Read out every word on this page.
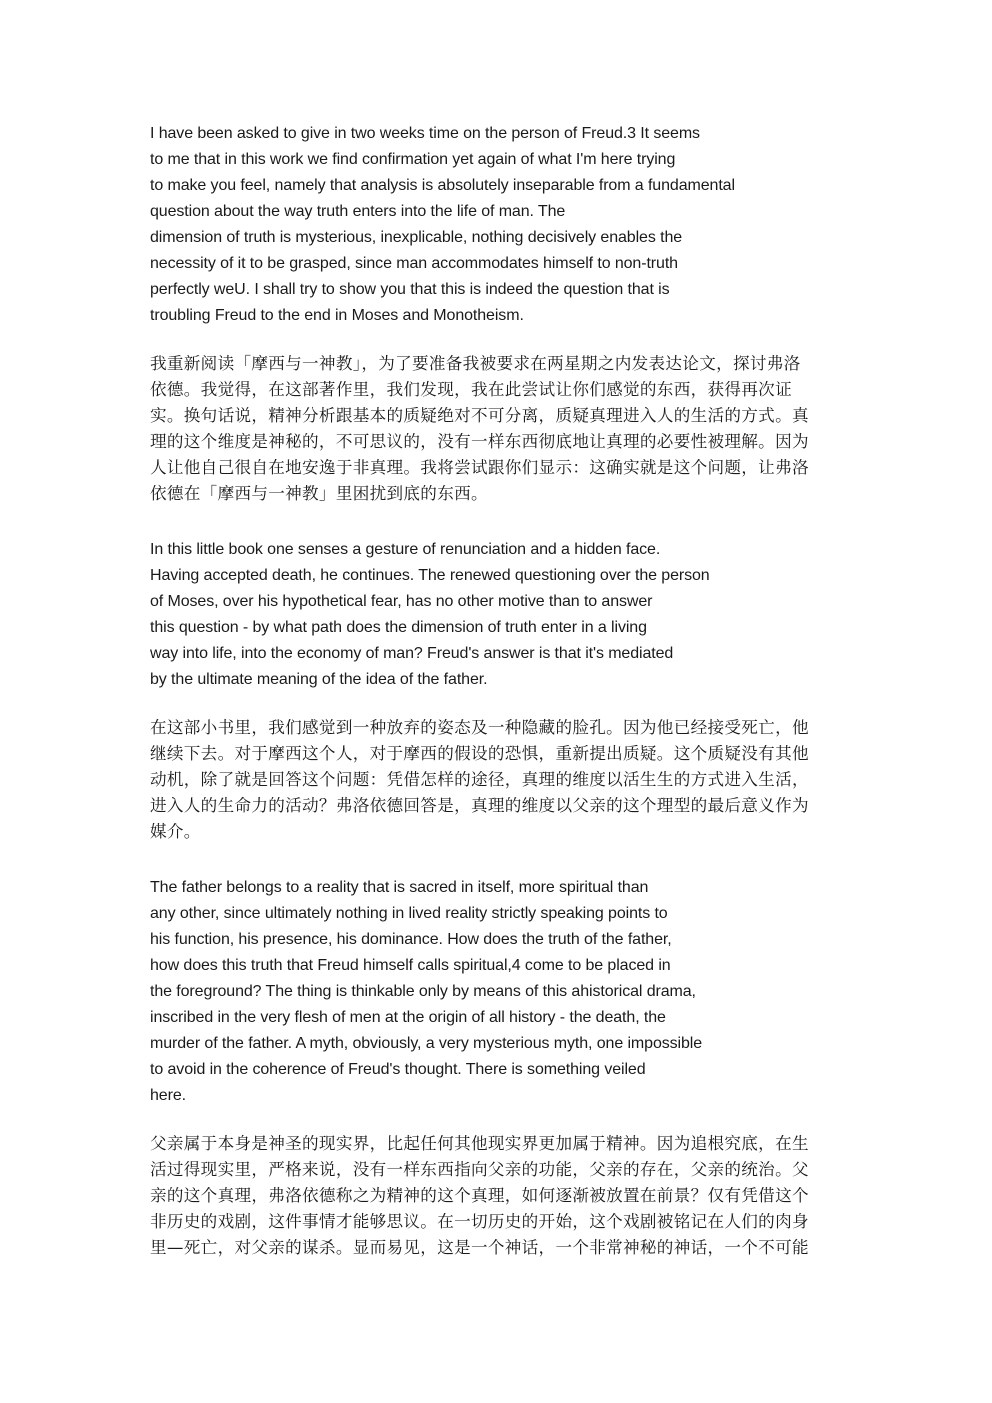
I have been asked to give in two weeks time on the person of Freud.3 It seems

to me that in this work we find confirmation yet again of what I'm here trying

to make you feel, namely that analysis is absolutely inseparable from a fundamental

question about the way truth enters into the life of man. The

dimension of truth is mysterious, inexplicable, nothing decisively enables the

necessity of it to be grasped, since man accommodates himself to non-truth

perfectly weU. I shall try to show you that this is indeed the question that is

troubling Freud to the end in Moses and Monotheism.

我重新阅读「摩西与一神教」，为了要准备我被要求在两星期之内发表达论文，探讨弗洛

依德。我觉得，在这部著作里，我们发现，我在此尝试让你们感觉的东西，获得再次证

实。换句话说，精神分析跟基本的质疑绝对不可分离，质疑真理进入人的生活的方式。真

理的这个维度是神秘的，不可思议的，没有一样东西彻底地让真理的必要性被理解。因为

人让他自己很自在地安逸于非真理。我将尝试跟你们显示：这确实就是这个问题，让弗洛

依德在「摩西与一神教」里困扰到底的东西。

In this little book one senses a gesture of renunciation and a hidden face.

Having accepted death, he continues. The renewed questioning over the person

of Moses, over his hypothetical fear, has no other motive than to answer

this question - by what path does the dimension of truth enter in a living

way into life, into the economy of man? Freud's answer is that it's mediated

by the ultimate meaning of the idea of the father.

在这部小书里，我们感觉到一种放弃的姿态及一种隐藏的脸孔。因为他已经接受死亡，他

继续下去。对于摩西这个人，对于摩西的假设的恐惧，重新提出质疑。这个质疑没有其他

动机，除了就是回答这个问题：凭借怎样的途径，真理的维度以活生生的方式进入生活，

进入人的生命力的活动？弗洛依德回答是，真理的维度以父亲的这个理型的最后意义作为

媒介。

The father belongs to a reality that is sacred in itself, more spiritual than

any other, since ultimately nothing in lived reality strictly speaking points to

his function, his presence, his dominance. How does the truth of the father,

how does this truth that Freud himself calls spiritual,4 come to be placed in

the foreground? The thing is thinkable only by means of this ahistorical drama,

inscribed in the very flesh of men at the origin of all history - the death, the

murder of the father. A myth, obviously, a very mysterious myth, one impossible

to avoid in the coherence of Freud's thought. There is something veiled

here.

父亲属于本身是神圣的现实界，比起任何其他现实界更加属于精神。因为追根究底，在生

活过得现实里，严格来说，没有一样东西指向父亲的功能，父亲的存在，父亲的统治。父

亲的这个真理，弗洛依德称之为精神的这个真理，如何逐渐被放置在前景？仅有凭借这个

非历史的戏剧，这件事情才能够思议。在一切历史的开始，这个戏剧被铭记在人们的肉身

里—死亡，对父亲的谋杀。显而易见，这是一个神话，一个非常神秘的神话，一个不可能
